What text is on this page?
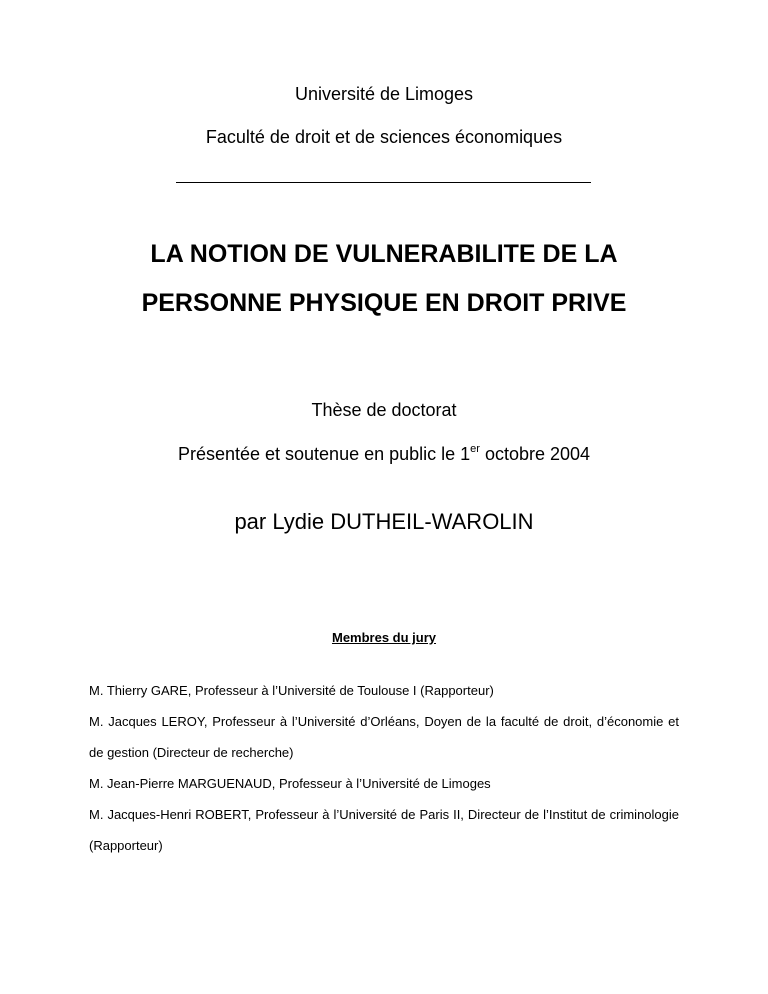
Université de Limoges
Faculté de droit et de sciences économiques
LA NOTION DE VULNERABILITE DE LA
PERSONNE PHYSIQUE EN DROIT PRIVE
Thèse de doctorat
Présentée et soutenue en public le 1er octobre 2004
par Lydie DUTHEIL-WAROLIN
Membres du jury
M. Thierry GARE, Professeur à l’Université de Toulouse I (Rapporteur)
M. Jacques LEROY, Professeur à l’Université d’Orléans, Doyen de la faculté de droit, d’économie et de gestion (Directeur de recherche)
M. Jean-Pierre MARGUENAUD, Professeur à l’Université de Limoges
M. Jacques-Henri ROBERT, Professeur à l’Université de Paris II, Directeur de l’Institut de criminologie (Rapporteur)
